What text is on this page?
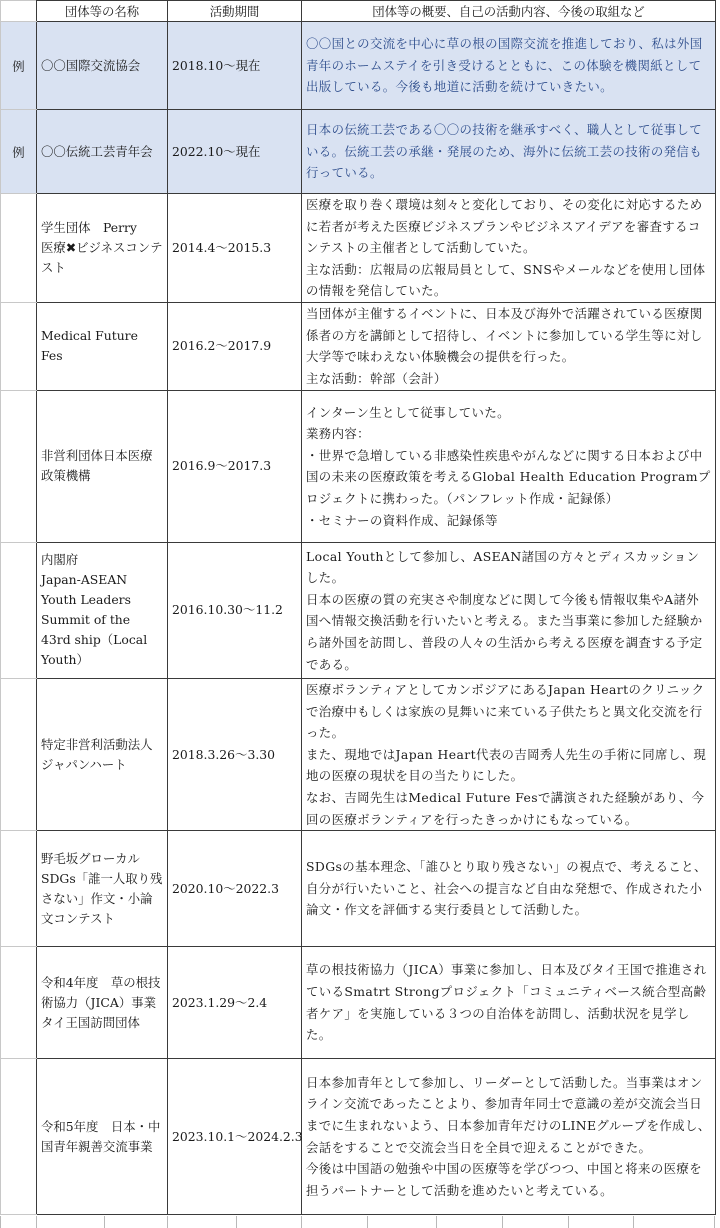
	団体等の名称	活動期間	団体等の概要、自己の活動内容、今後の取組など
例	〇〇国際交流協会	2018.10〜現在	〇〇国との交流を中心に草の根の国際交流を推進しており、私は外国青年のホームステイを引き受けるとともに、この体験を機関紙として出版している。今後も地道に活動を続けていきたい。

例	〇〇伝統工芸青年会	2022.10〜現在	日本の伝統工芸である〇〇の技術を継承すべく、職人として従事している。伝統工芸の承継・発展のため、海外に伝統工芸の技術の発信も行っている。

	学生団体　Perry
医療✖ビジネスコンテスト	2014.4〜2015.3	医療を取り巻く環境は刻々と変化しており、その変化に対応するために若者が考えた医療ビジネスプランやビジネスアイデアを審査するコンテストの主催者として活動していた。
主な活動：広報局の広報局員として、SNSやメールなどを使用し団体の情報を発信していた。

	Medical Future Fes	2016.2〜2017.9	当団体が主催するイベントに、日本及び海外で活躍されている医療関係者の方を講師として招待し、イベントに参加している学生等に対し大学等で味わえない体験機会の提供を行った。
主な活動：幹部（会計）

	非営利団体日本医療政策機構	2016.9〜2017.3	インターン生として従事していた。
業務内容：
・世界で急増している非感染性疾患やがんなどに関する日本および中国の未来の医療政策を考えるGlobal Health Education Programプロジェクトに携わった。（パンフレット作成・記録係）
・セミナーの資料作成、記録係等

	内閣府
Japan-ASEAN Youth Leaders Summit of the 43rd ship（Local Youth）	2016.10.30〜11.2	Local Youthとして参加し、ASEAN諸国の方々とディスカッションした。
日本の医療の質の充実さや制度などに関して今後も情報収集やA諸外国へ情報交換活動を行いたいと考える。また当事業に参加した経験から諸外国を訪問し、普段の人々の生活から考える医療を調査する予定である。

	特定非営利活動法人ジャパンハート	2018.3.26〜3.30	医療ボランティアとしてカンボジアにあるJapan Heartのクリニックで治療中もしくは家族の見舞いに来ている子供たちと異文化交流を行った。
また、現地ではJapan Heart代表の吉岡秀人先生の手術に同席し、現地の医療の現状を目の当たりにした。
なお、吉岡先生はMedical Future Fesで講演された経験があり、今回の医療ボランティアを行ったきっかけにもなっている。

	野毛坂グローカル
SDGs「誰一人取り残さない」作文・小論文コンテスト	2020.10〜2022.3	SDGsの基本理念、「誰ひとり取り残さない」の視点で、考えること、自分が行いたいこと、社会への提言など自由な発想で、作成された小論文・作文を評価する実行委員として活動した。

	令和4年度　草の根技術協力（JICA）事業
タイ王国訪問団体	2023.1.29〜2.4	草の根技術協力（JICA）事業に参加し、日本及びタイ王国で推進されているSmatrt Strongプロジェクト「コミュニティベース統合型高齢者ケア」を実施している３つの自治体を訪問し、活動状況を見学した。

	令和5年度　日本・中国青年親善交流事業	2023.10.1〜2024.2.3	日本参加青年として参加し、リーダーとして活動した。当事業はオンライン交流であったことより、参加青年同士で意識の差が交流会当日までに生まれないよう、日本参加青年だけのLINEグループを作成し、会話をすることで交流会当日を全員で迎えることができた。
今後は中国語の勉強や中国の医療等を学びつつ、中国と将来の医療を担うパートナーとして活動を進めたいと考えている。
